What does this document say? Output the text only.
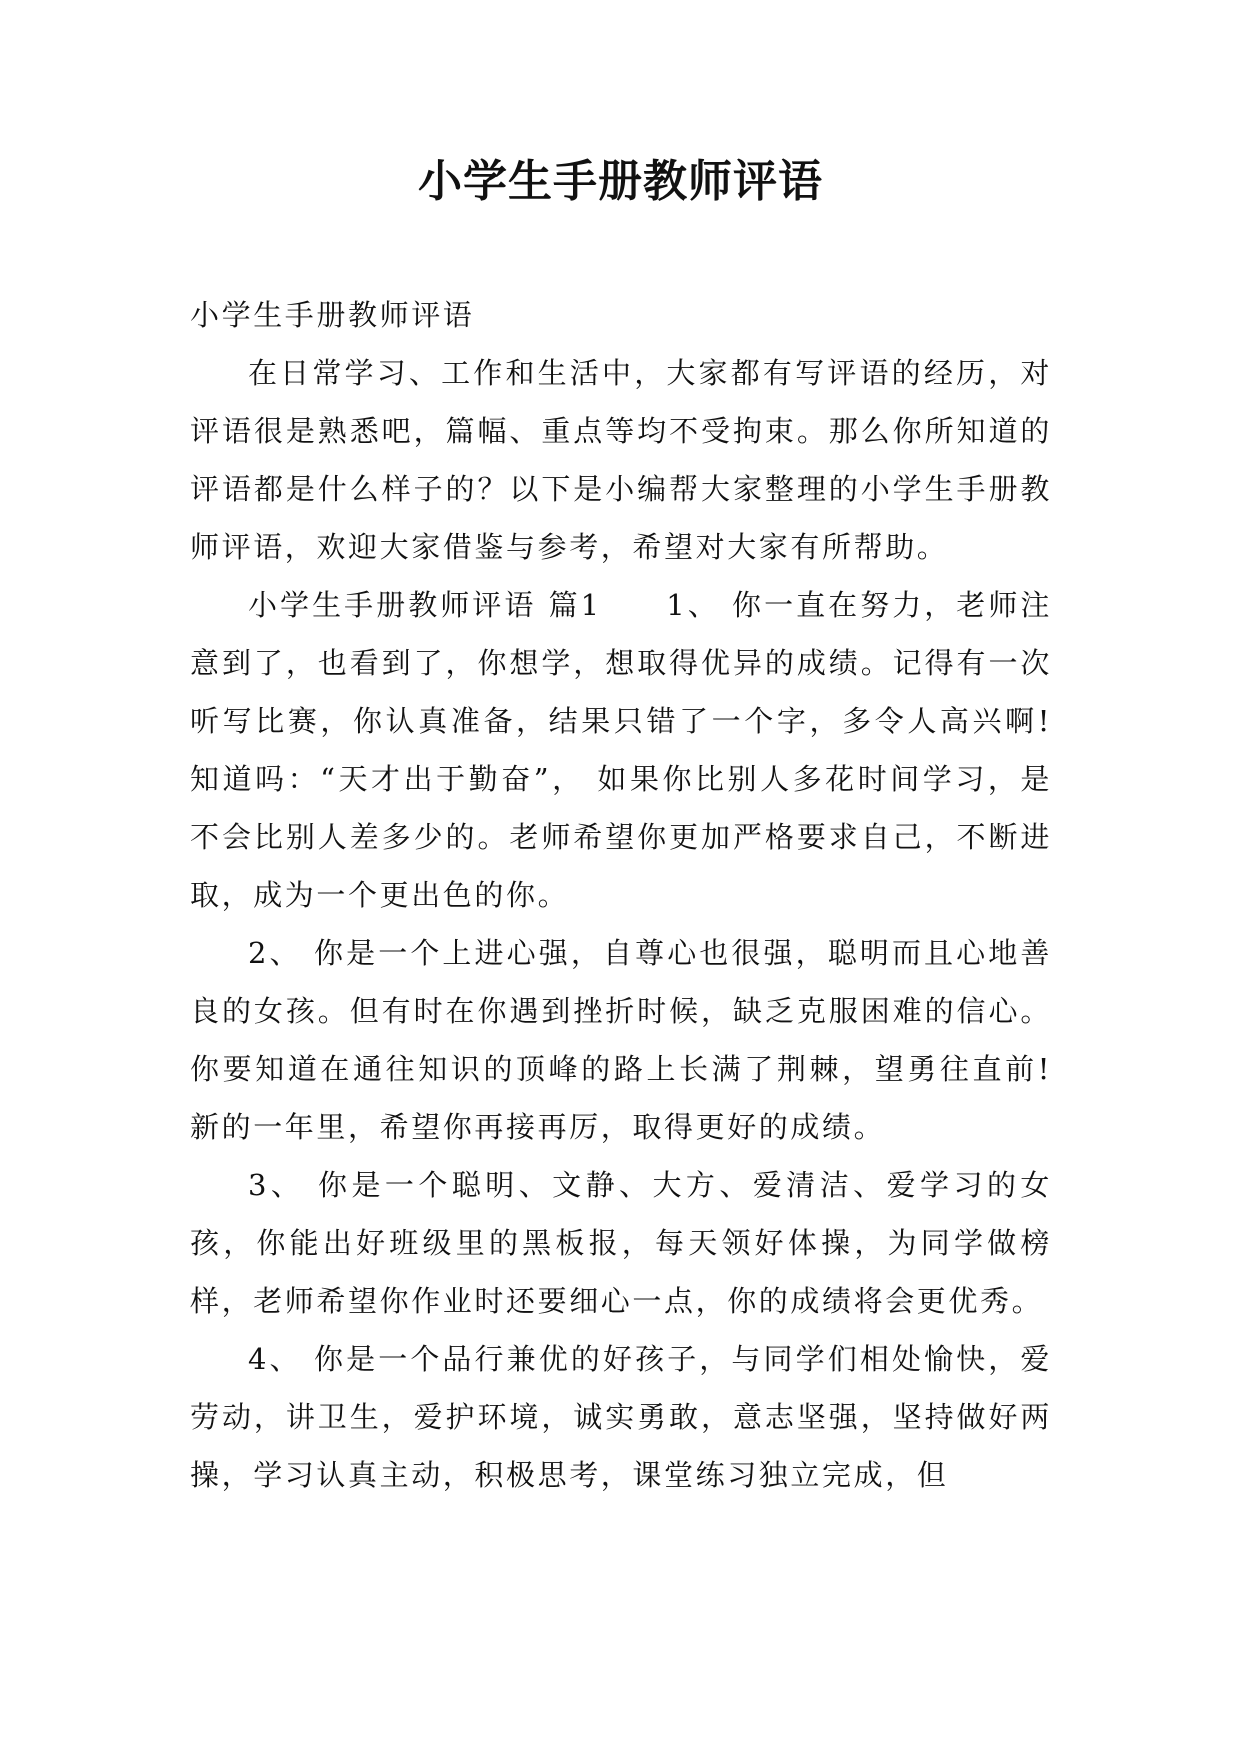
小学生手册教师评语

小学生手册教师评语

在日常学习、工作和生活中，大家都有写评语的经历，对评语很是熟悉吧，篇幅、重点等均不受拘束。那么你所知道的评语都是什么样子的？以下是小编帮大家整理的小学生手册教师评语，欢迎大家借鉴与参考，希望对大家有所帮助。

小学生手册教师评语 篇1　　1、 你一直在努力，老师注意到了，也看到了，你想学，想取得优异的成绩。记得有一次听写比赛，你认真准备，结果只错了一个字，多令人高兴啊!知道吗：“天才出于勤奋”， 如果你比别人多花时间学习，是不会比别人差多少的。老师希望你更加严格要求自己，不断进取，成为一个更出色的你。

2、 你是一个上进心强，自尊心也很强，聪明而且心地善良的女孩。但有时在你遇到挫折时候，缺乏克服困难的信心。你要知道在通往知识的顶峰的路上长满了荆棘，望勇往直前!新的一年里，希望你再接再厉，取得更好的成绩。

3、 你是一个聪明、文静、大方、爱清洁、爱学习的女孩，你能出好班级里的黑板报，每天领好体操，为同学做榜样，老师希望你作业时还要细心一点，你的成绩将会更优秀。

4、 你是一个品行兼优的好孩子，与同学们相处愉快，爱劳动，讲卫生，爱护环境，诚实勇敢，意志坚强，坚持做好两操，学习认真主动，积极思考，课堂练习独立完成，但
